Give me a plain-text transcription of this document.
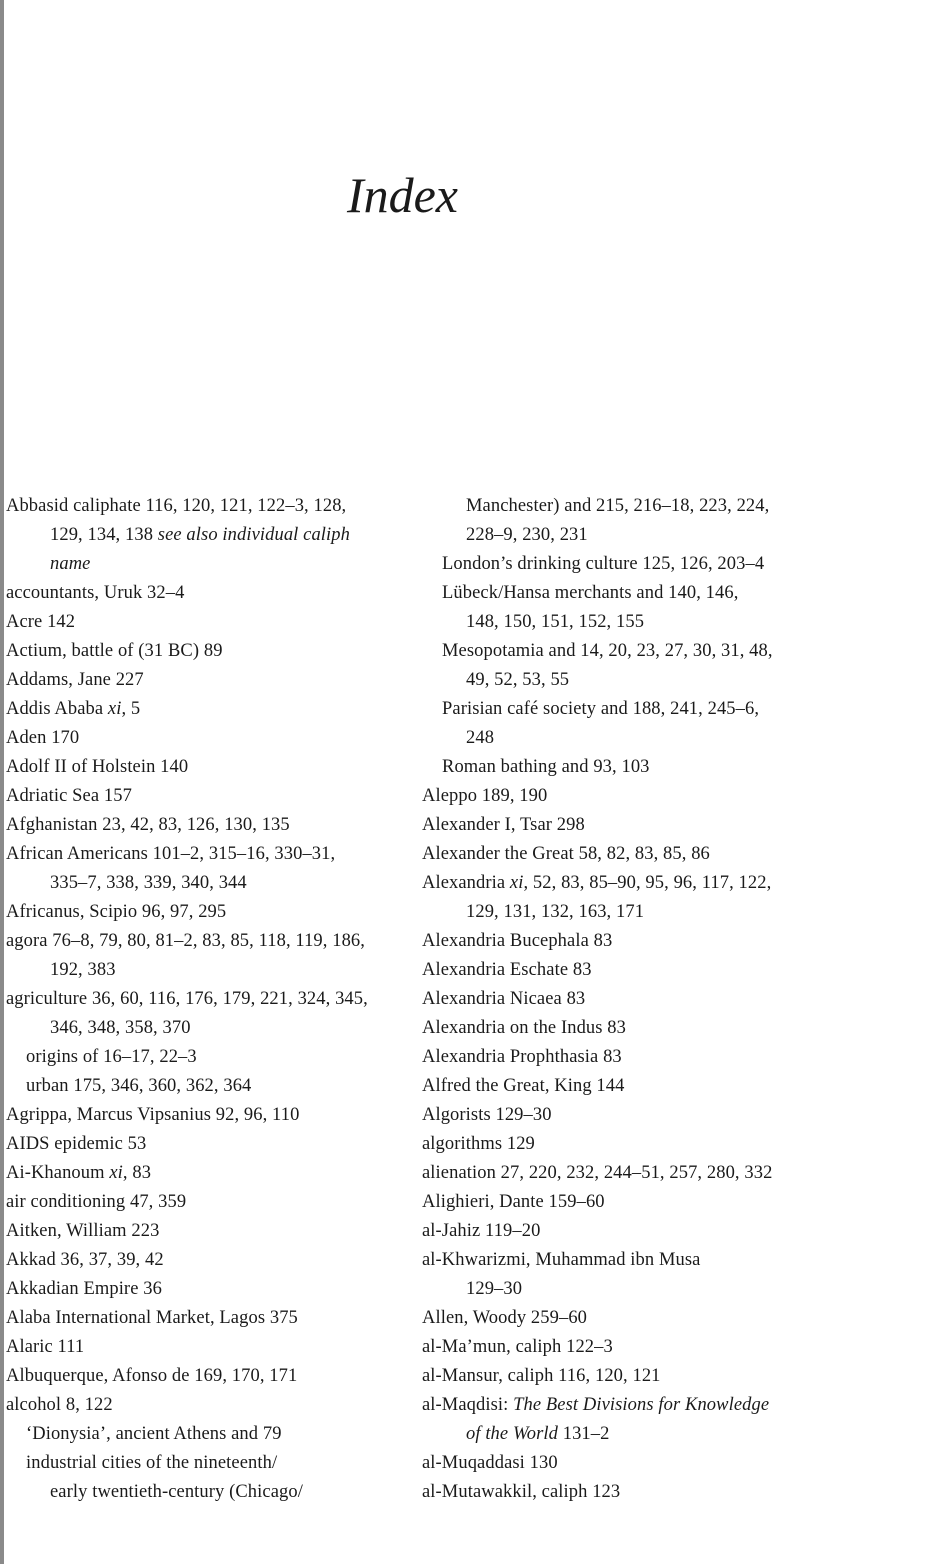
Index
Abbasid caliphate 116, 120, 121, 122–3, 128,
129, 134, 138 see also individual caliph
name
accountants, Uruk 32–4
Acre 142
Actium, battle of (31 BC) 89
Addams, Jane 227
Addis Ababa xi, 5
Aden 170
Adolf II of Holstein 140
Adriatic Sea 157
Afghanistan 23, 42, 83, 126, 130, 135
African Americans 101–2, 315–16, 330–31,
335–7, 338, 339, 340, 344
Africanus, Scipio 96, 97, 295
agora 76–8, 79, 80, 81–2, 83, 85, 118, 119, 186,
192, 383
agriculture 36, 60, 116, 176, 179, 221, 324, 345,
346, 348, 358, 370
origins of 16–17, 22–3
urban 175, 346, 360, 362, 364
Agrippa, Marcus Vipsanius 92, 96, 110
AIDS epidemic 53
Ai-Khanoum xi, 83
air conditioning 47, 359
Aitken, William 223
Akkad 36, 37, 39, 42
Akkadian Empire 36
Alaba International Market, Lagos 375
Alaric 111
Albuquerque, Afonso de 169, 170, 171
alcohol 8, 122
‘Dionysia’, ancient Athens and 79
industrial cities of the nineteenth/
early twentieth-century (Chicago/
Manchester) and 215, 216–18, 223, 224,
228–9, 230, 231
London’s drinking culture 125, 126, 203–4
Lübeck/Hansa merchants and 140, 146,
148, 150, 151, 152, 155
Mesopotamia and 14, 20, 23, 27, 30, 31, 48,
49, 52, 53, 55
Parisian café society and 188, 241, 245–6,
248
Roman bathing and 93, 103
Aleppo 189, 190
Alexander I, Tsar 298
Alexander the Great 58, 82, 83, 85, 86
Alexandria xi, 52, 83, 85–90, 95, 96, 117, 122,
129, 131, 132, 163, 171
Alexandria Bucephala 83
Alexandria Eschate 83
Alexandria Nicaea 83
Alexandria on the Indus 83
Alexandria Prophthasia 83
Alfred the Great, King 144
Algorists 129–30
algorithms 129
alienation 27, 220, 232, 244–51, 257, 280, 332
Alighieri, Dante 159–60
al-Jahiz 119–20
al-Khwarizmi, Muhammad ibn Musa
129–30
Allen, Woody 259–60
al-Ma’mun, caliph 122–3
al-Mansur, caliph 116, 120, 121
al-Maqdisi: The Best Divisions for Knowledge
of the World 131–2
al-Muqaddasi 130
al-Mutawakkil, caliph 123
